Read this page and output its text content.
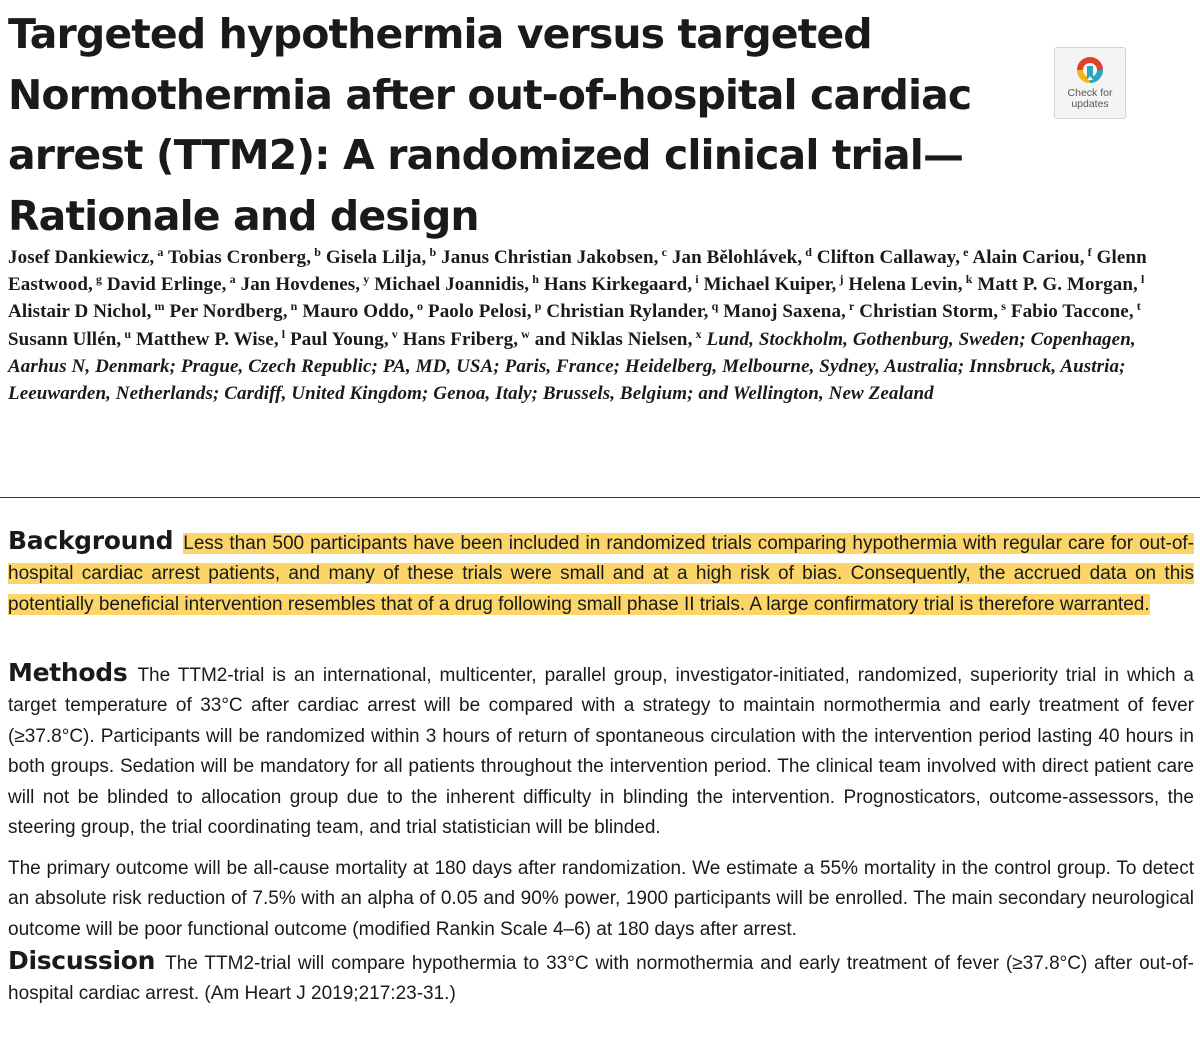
Targeted hypothermia versus targeted Normothermia after out-of-hospital cardiac arrest (TTM2): A randomized clinical trial—Rationale and design
Check for
updates

Josef Dankiewicz, $^a$ Tobias Cronberg, $^b$ Gisela Lilja, $^b$ Janus Christian Jakobsen, $^c$ Jan Bělohlávek, $^d$ Clifton Callaway, $^e$ Alain Cariou, $^f$ Glenn Eastwood, $^g$ David Erlinge, $^a$ Jan Hovdenes, $^y$ Michael Joannidis, $^h$ Hans Kirkegaard, $^i$ Michael Kuiper, $^j$ Helena Levin, $^k$ Matt P. G. Morgan, $^l$ Alistair D Nichol, $^m$ Per Nordberg, $^n$ Mauro Oddo, $^o$ Paolo Pelosi, $^p$ Christian Rylander, $^q$ Manoj Saxena, $^r$ Christian Storm, $^s$ Fabio Taccone, $^t$ Susann Ullén, $^u$ Matthew P. Wise, $^l$ Paul Young, $^v$ Hans Friberg, $^w$ and Niklas Nielsen, $^x$ Lund, Stockholm, Gothenburg, Sweden; Copenhagen, Aarhus N, Denmark; Prague, Czech Republic; PA, MD, USA; Paris, France; Heidelberg, Melbourne, Sydney, Australia; Innsbruck, Austria; Leeuwarden, Netherlands; Cardiff, United Kingdom; Genoa, Italy; Brussels, Belgium; and Wellington, New Zealand

Background Less than 500 participants have been included in randomized trials comparing hypothermia with regular care for out-of-hospital cardiac arrest patients, and many of these trials were small and at a high risk of bias. Consequently, the accrued data on this potentially beneficial intervention resembles that of a drug following small phase II trials. A large confirmatory trial is therefore warranted.

Methods The TTM2-trial is an international, multicenter, parallel group, investigator-initiated, randomized, superiority trial in which a target temperature of 33°C after cardiac arrest will be compared with a strategy to maintain normothermia and early treatment of fever (≥37.8°C). Participants will be randomized within 3 hours of return of spontaneous circulation with the intervention period lasting 40 hours in both groups. Sedation will be mandatory for all patients throughout the intervention period. The clinical team involved with direct patient care will not be blinded to allocation group due to the inherent difficulty in blinding the intervention. Prognosticators, outcome-assessors, the steering group, the trial coordinating team, and trial statistician will be blinded.

The primary outcome will be all-cause mortality at 180 days after randomization. We estimate a 55% mortality in the control group. To detect an absolute risk reduction of 7.5% with an alpha of 0.05 and 90% power, 1900 participants will be enrolled. The main secondary neurological outcome will be poor functional outcome (modified Rankin Scale 4–6) at 180 days after arrest.

Discussion The TTM2-trial will compare hypothermia to 33°C with normothermia and early treatment of fever (≥37.8°C) after out-of-hospital cardiac arrest. (Am Heart J 2019;217:23-31.)
